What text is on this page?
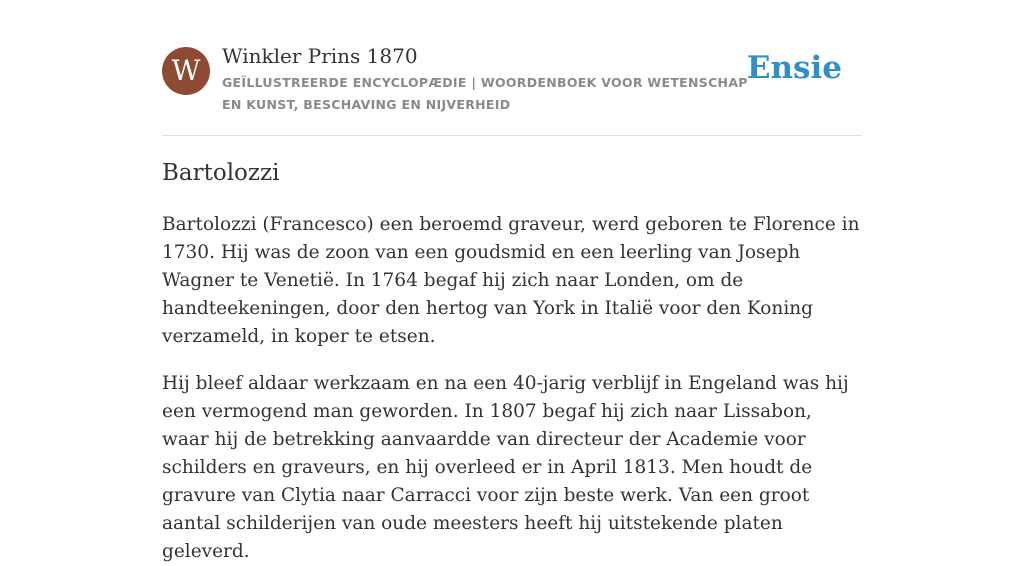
W	Winkler Prins 1870
GEÏLLUSTREERDE ENCYCLOPÆDIE | WOORDENBOEK VOOR WETENSCHAP EN KUNST, BESCHAVING EN NIJVERHEID
Ensie
Bartolozzi

Bartolozzi (Francesco) een beroemd graveur, werd geboren te Florence in 1730. Hij was de zoon van een goudsmid en een leerling van Joseph Wagner te Venetië. In 1764 begaf hij zich naar Londen, om de handteekeningen, door den hertog van York in Italië voor den Koning verzameld, in koper te etsen.

Hij bleef aldaar werkzaam en na een 40-jarig verblijf in Engeland was hij een vermogend man geworden. In 1807 begaf hij zich naar Lissabon, waar hij de betrekking aanvaardde van directeur der Academie voor schilders en graveurs, en hij overleed er in April 1813. Men houdt de gravure van Clytia naar Carracci voor zijn beste werk. Van een groot aantal schilderijen van oude meesters heeft hij uitstekende platen geleverd.
